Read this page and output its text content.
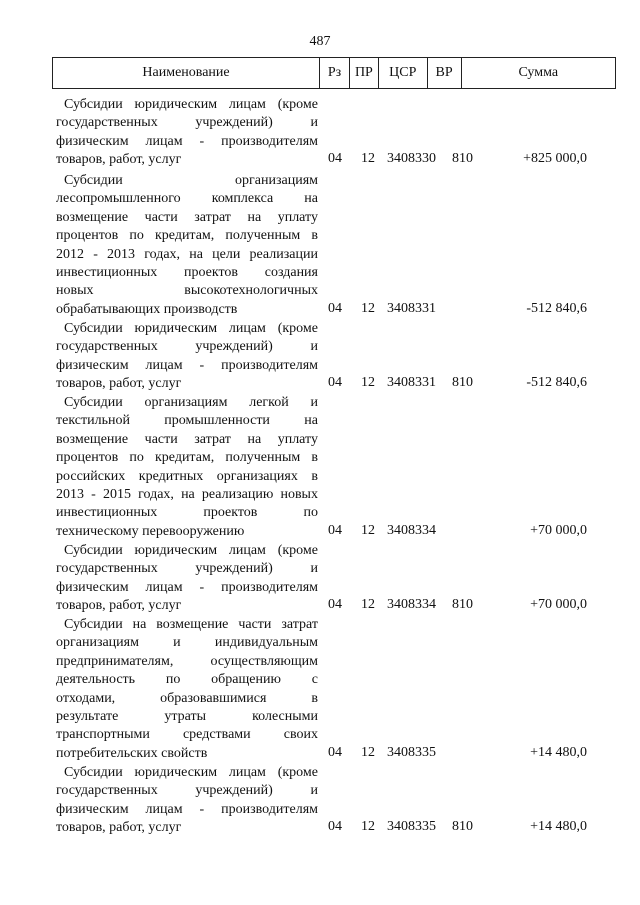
487
Наименование	Рз ПР	ЦСР	ВР	Сумма
Субсидии юридическим лицам (кроме
государственных	учреждений)	и
физическим лицам - производителям
товаров, работ, услуг	04 12 3408330 810	+825 000,0
Субсидии	организациям
лесопромышленного комплекса на
возмещение части затрат на уплату
процентов по кредитам, полученным в
2012 - 2013 годах, на цели реализации
инвестиционных проектов создания
новых	высокотехнологичных
обрабатывающих производств	04 12 3408331	-512 840,6
Субсидии юридическим лицам (кроме
государственных	учреждений)	и
физическим лицам - производителям
товаров, работ, услуг	04 12 3408331 810	-512 840,6
Субсидии организациям легкой и
текстильной промышленности на
возмещение части затрат на уплату
процентов по кредитам, полученным в
российских кредитных организациях в
2013 - 2015 годах, на реализацию новых
инвестиционных	проектов	по
техническому перевооружению	04 12 3408334	+70 000,0
Субсидии юридическим лицам (кроме
государственных	учреждений)	и
физическим лицам - производителям
товаров, работ, услуг	04 12 3408334 810	+70 000,0
Субсидии на возмещение части затрат
организациям и индивидуальным
предпринимателям,	осуществляющим
деятельность по обращению с
отходами,	образовавшимися	в
результате	утраты	колесными
транспортными средствами своих
потребительских свойств	04 12 3408335	+14 480,0
Субсидии юридическим лицам (кроме
государственных	учреждений)	и
физическим лицам - производителям
товаров, работ, услуг	04 12 3408335 810	+14 480,0
